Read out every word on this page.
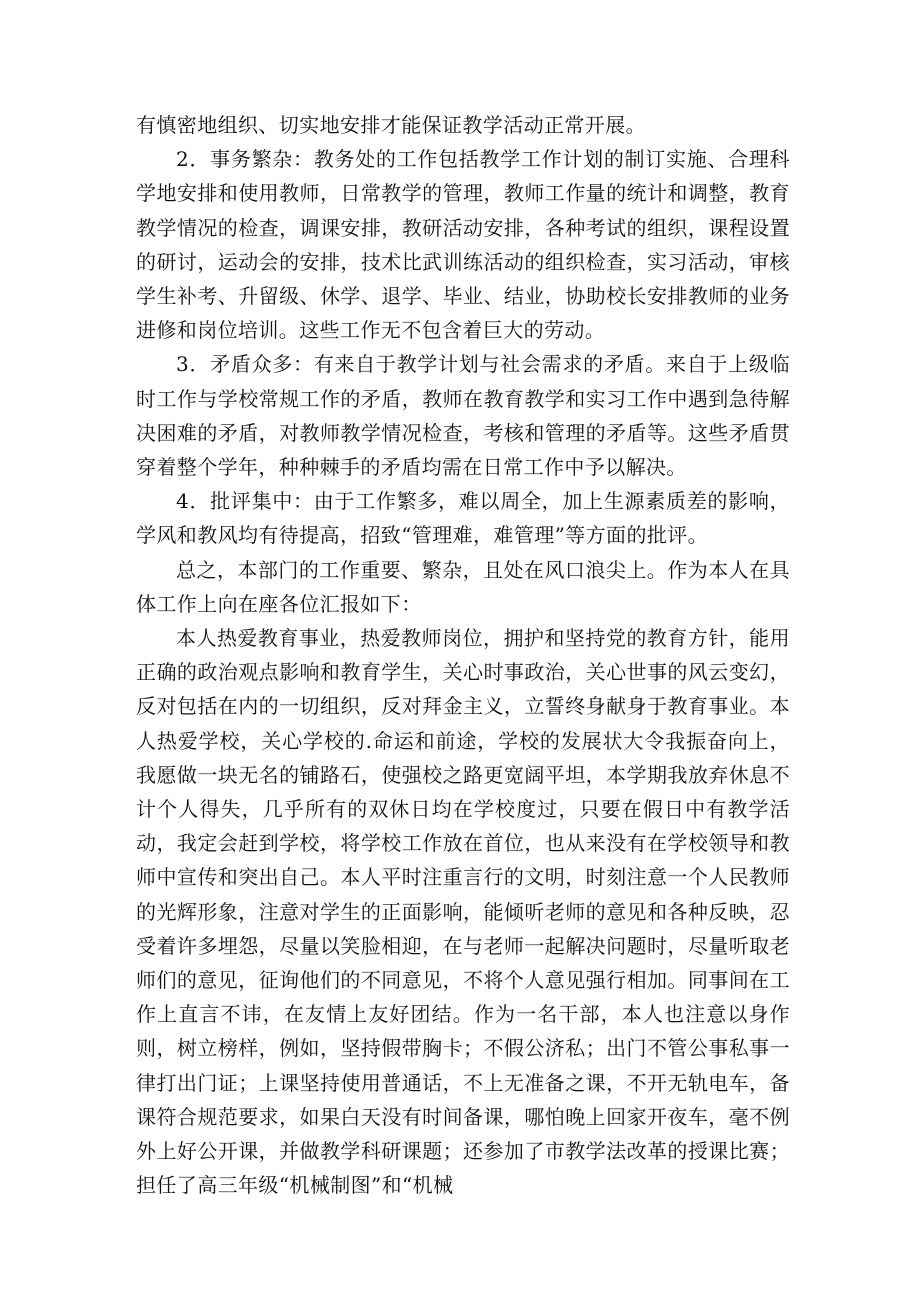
有慎密地组织、切实地安排才能保证教学活动正常开展。

2．事务繁杂：教务处的工作包括教学工作计划的制订实施、合理科学地安排和使用教师，日常教学的管理，教师工作量的统计和调整，教育教学情况的检查，调课安排，教研活动安排，各种考试的组织，课程设置的研讨，运动会的安排，技术比武训练活动的组织检查，实习活动，审核学生补考、升留级、休学、退学、毕业、结业，协助校长安排教师的业务进修和岗位培训。这些工作无不包含着巨大的劳动。

3．矛盾众多：有来自于教学计划与社会需求的矛盾。来自于上级临时工作与学校常规工作的矛盾，教师在教育教学和实习工作中遇到急待解决困难的矛盾，对教师教学情况检查，考核和管理的矛盾等。这些矛盾贯穿着整个学年，种种棘手的矛盾均需在日常工作中予以解决。

4．批评集中：由于工作繁多，难以周全，加上生源素质差的影响，学风和教风均有待提高，招致“管理难，难管理”等方面的批评。

总之，本部门的工作重要、繁杂，且处在风口浪尖上。作为本人在具体工作上向在座各位汇报如下：

本人热爱教育事业，热爱教师岗位，拥护和坚持党的教育方针，能用正确的政治观点影响和教育学生，关心时事政治，关心世事的风云变幻，反对包括在内的一切组织，反对拜金主义，立誓终身献身于教育事业。本人热爱学校，关心学校的.命运和前途，学校的发展状大令我振奋向上，我愿做一块无名的铺路石，使强校之路更宽阔平坦，本学期我放弃休息不计个人得失，几乎所有的双休日均在学校度过，只要在假日中有教学活动，我定会赶到学校，将学校工作放在首位，也从来没有在学校领导和教师中宣传和突出自己。本人平时注重言行的文明，时刻注意一个人民教师的光辉形象，注意对学生的正面影响，能倾听老师的意见和各种反映，忍受着许多埋怨，尽量以笑脸相迎，在与老师一起解决问题时，尽量听取老师们的意见，征询他们的不同意见，不将个人意见强行相加。同事间在工作上直言不讳，在友情上友好团结。作为一名干部，本人也注意以身作则，树立榜样，例如，坚持假带胸卡；不假公济私；出门不管公事私事一律打出门证；上课坚持使用普通话，不上无准备之课，不开无轨电车，备课符合规范要求，如果白天没有时间备课，哪怕晚上回家开夜车，毫不例外上好公开课，并做教学科研课题；还参加了市教学法改革的授课比赛；担任了高三年级“机械制图”和“机械
